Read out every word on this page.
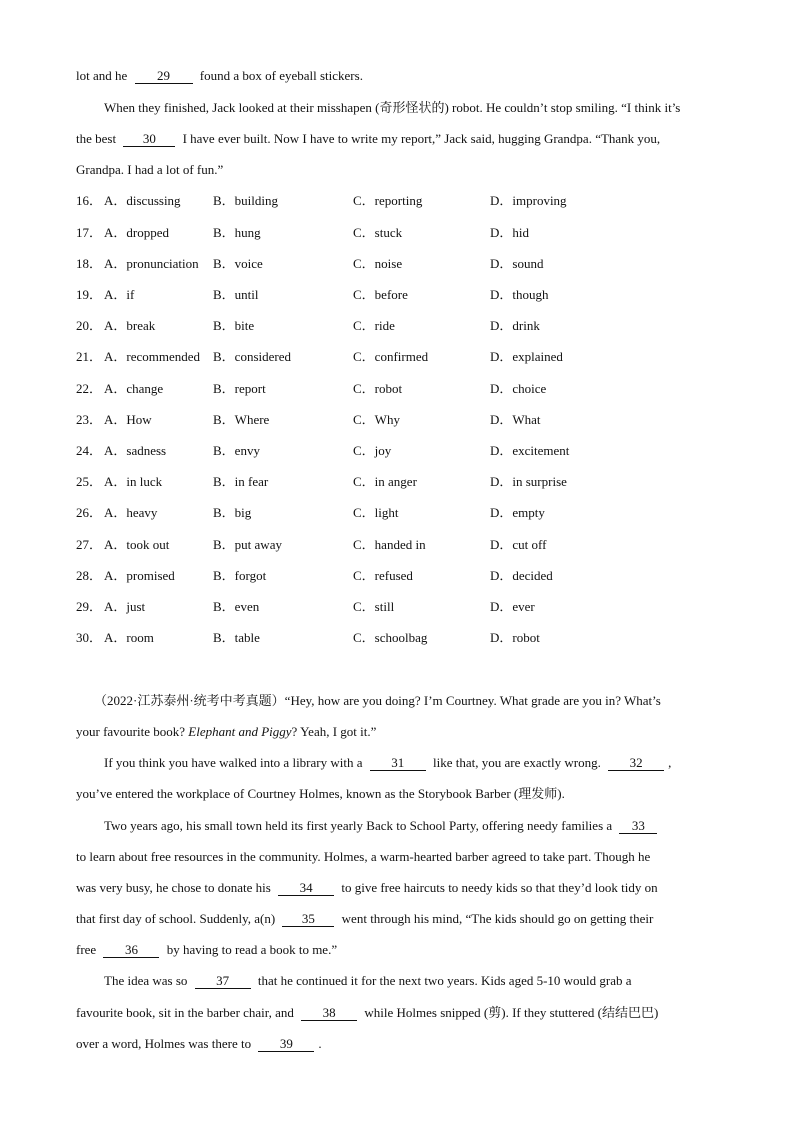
lot and he 29 found a box of eyeball stickers.
When they finished, Jack looked at their misshapen (奇形怪状的) robot. He couldn’t stop smiling. “I think it’s
the best 30 I have ever built. Now I have to write my report,” Jack said, hugging Grandpa. “Thank you,
Grandpa. I had a lot of fun.”
16． A．discussing B．building	C．reporting	D．improving
17． A．dropped	B．hung	C．stuck	D．hid
18． A．pronunciation B．voice	C．noise	D．sound
19． A．if	B．until	C．before	D．though
20． A．break	B．bite	C．ride	D．drink
21． A．recommended B．considered	C．confirmed	D．explained
22． A．change	B．report	C．robot	D．choice
23． A．How	B．Where	C．Why	D．What
24． A．sadness	B．envy	C．joy	D．excitement
25． A．in luck	B．in fear	C．in anger	D．in surprise
26． A．heavy	B．big	C．light	D．empty
27． A．took out	B．put away	C．handed in	D．cut off
28． A．promised	B．forgot	C．refused	D．decided
29． A．just	B．even	C．still	D．ever
30． A．room	B．table	C．schoolbag	D．robot
（2022·江苏泰州·统考中考真题）“Hey, how are you doing? I’m Courtney. What grade are you in? What’s
your favourite book? Elephant and Piggy? Yeah, I got it.”
If you think you have walked into a library with a 31 like that, you are exactly wrong. 32 ,
you’ve entered the workplace of Courtney Holmes, known as the Storybook Barber (理发师).
Two years ago, his small town held its first yearly Back to School Party, offering needy families a 33
to learn about free resources in the community. Holmes, a warm-hearted barber agreed to take part. Though he
was very busy, he chose to donate his 34 to give free haircuts to needy kids so that they’d look tidy on
that first day of school. Suddenly, a(n) 35 went through his mind, “The kids should go on getting their
free 36 by having to read a book to me.”
The idea was so 37 that he continued it for the next two years. Kids aged 5-10 would grab a
favourite book, sit in the barber chair, and 38 while Holmes snipped (剪). If they stuttered (结结巴巴)
over a word, Holmes was there to 39 .
